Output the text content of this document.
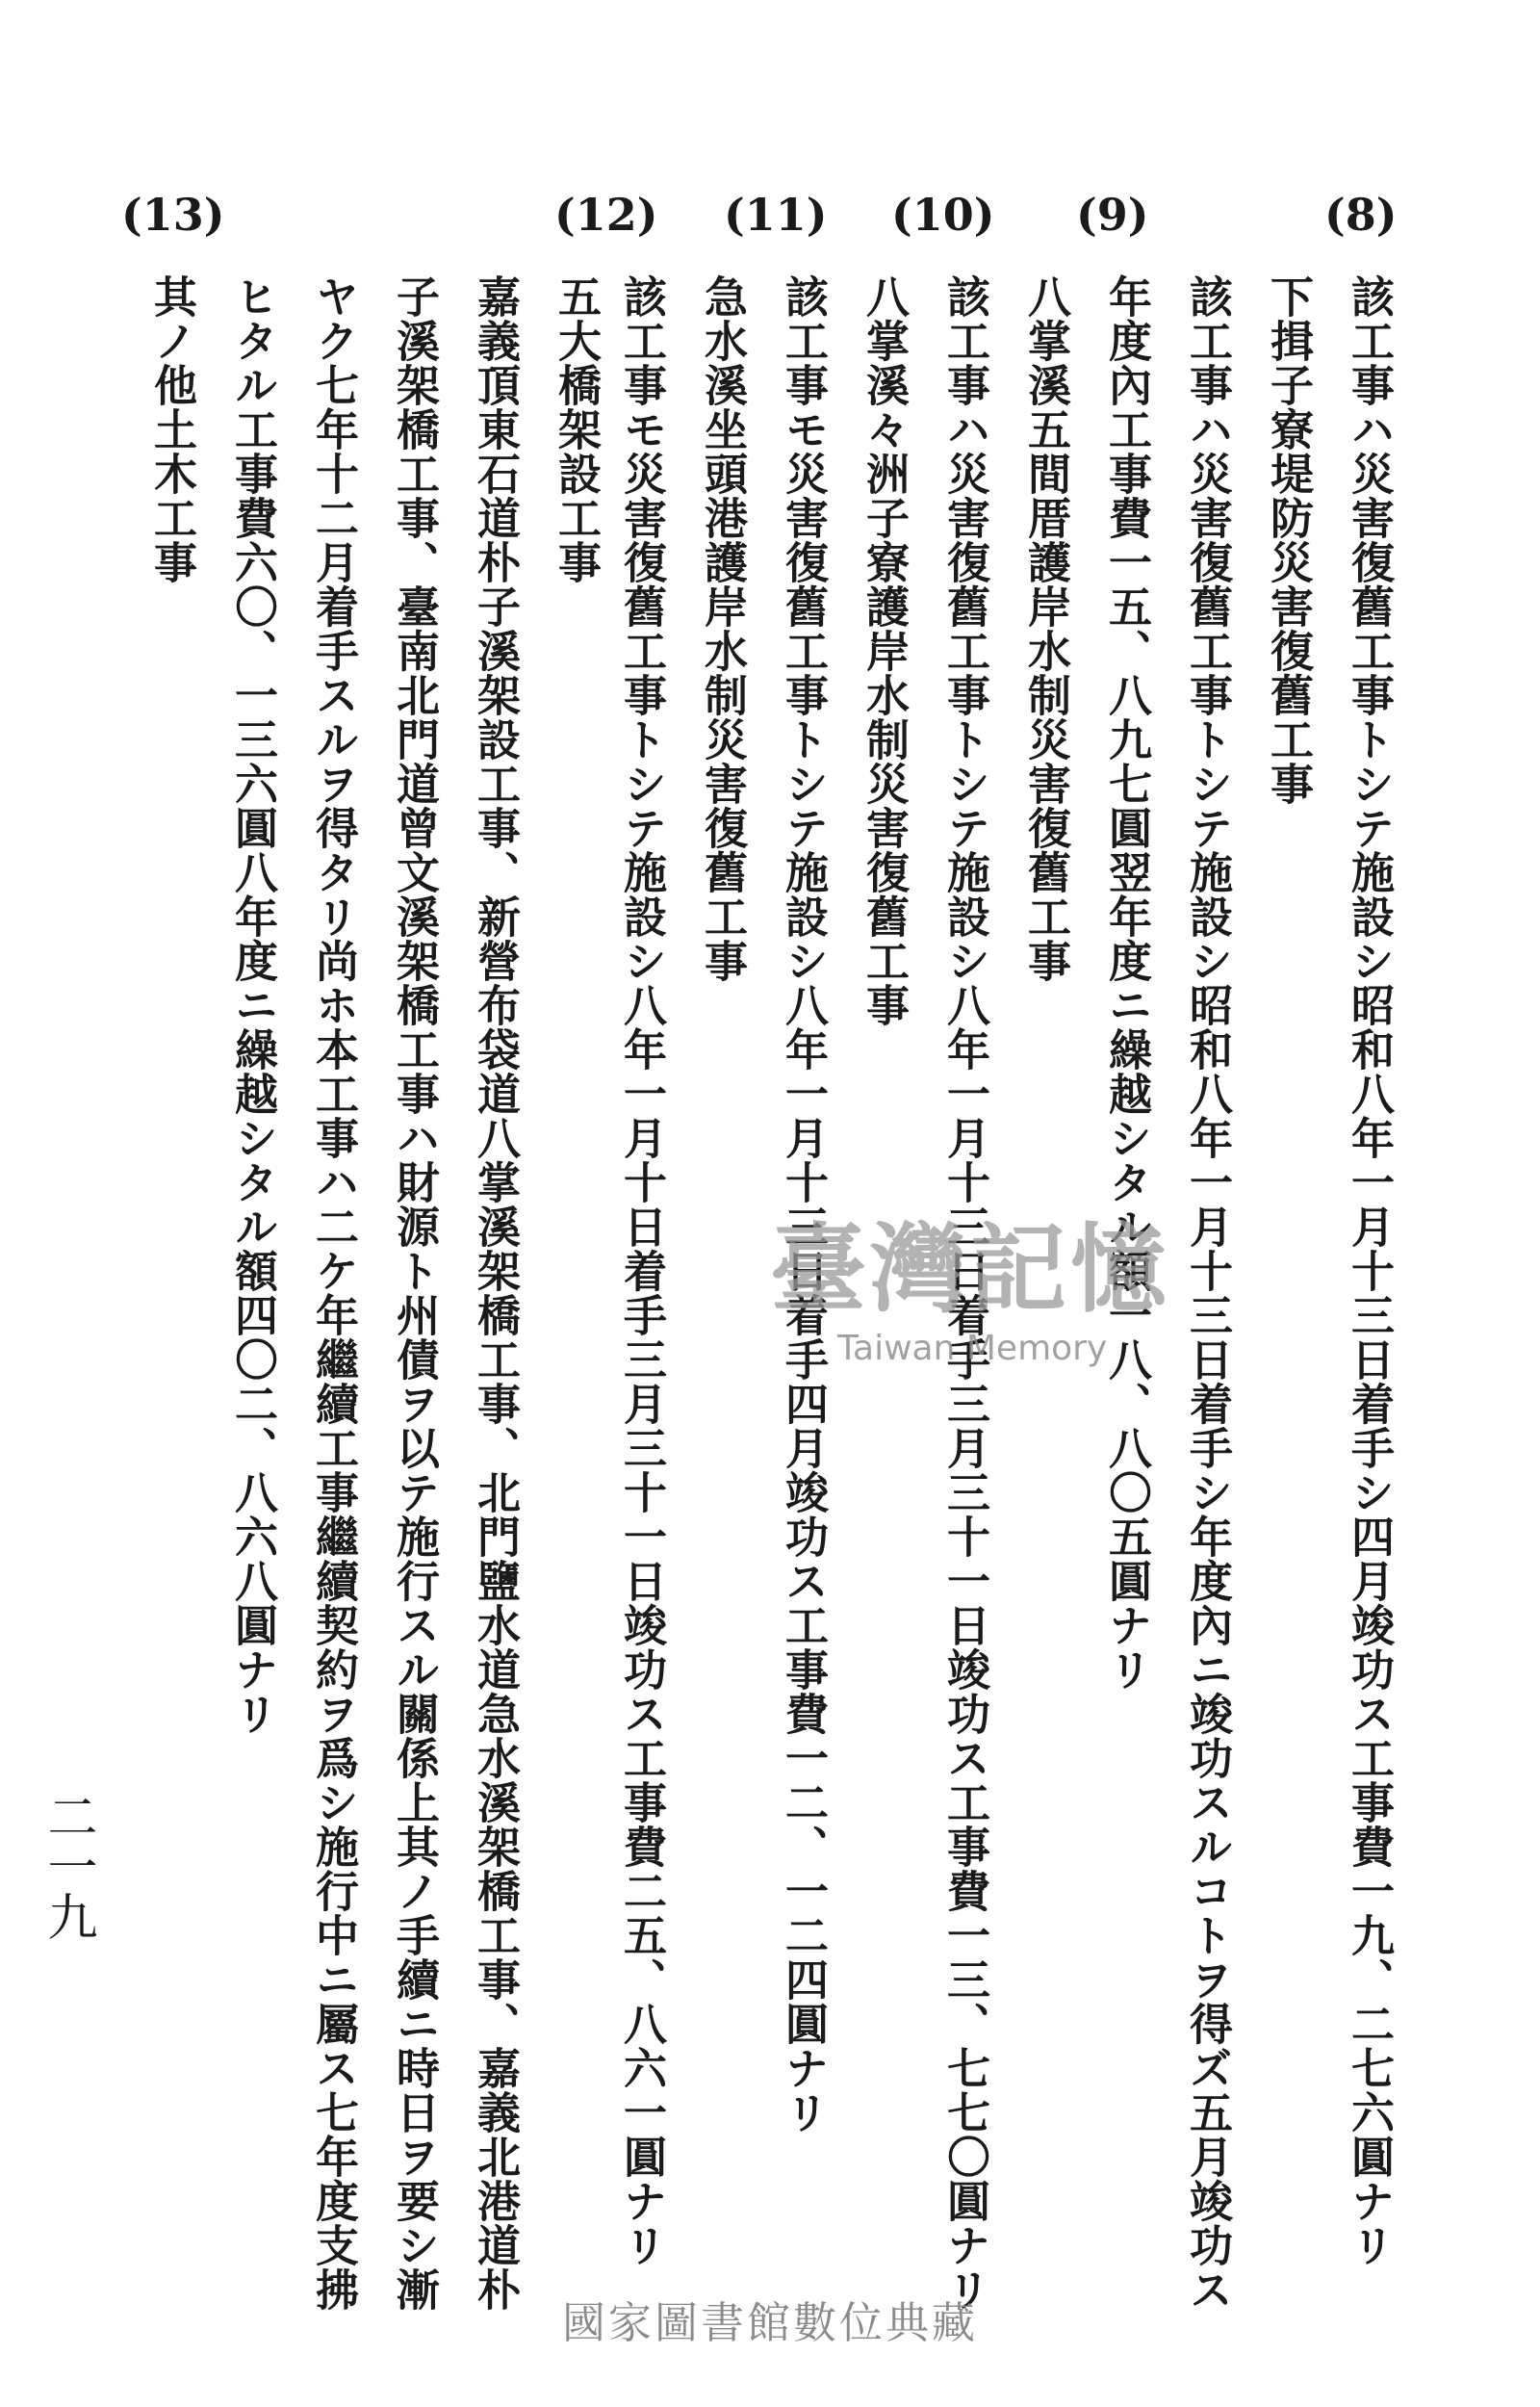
(8)
該工事ハ災害復舊工事トシテ施設シ昭和八年一月十三日着手シ四月竣功ス工事費一九、二七六圓ナリ
下揖子寮堤防災害復舊工事
該工事ハ災害復舊工事トシテ施設シ昭和八年一月十三日着手シ年度內ニ竣功スルコトヲ得ズ五月竣功ス
年度內工事費一五、八九七圓翌年度ニ繰越シタル額一八、八〇五圓ナリ
(9)
八掌溪五間厝護岸水制災害復舊工事
該工事ハ災害復舊工事トシテ施設シ八年一月十三日着手三月三十一日竣功ス工事費一三、七七〇圓ナリ
(10)
八掌溪々洲子寮護岸水制災害復舊工事
該工事モ災害復舊工事トシテ施設シ八年一月十三日着手四月竣功ス工事費一二、一二四圓ナリ
(11)
急水溪坐頭港護岸水制災害復舊工事
該工事モ災害復舊工事トシテ施設シ八年一月十日着手三月三十一日竣功ス工事費二五、八六一圓ナリ
(12)
五大橋架設工事
嘉義頂東石道朴子溪架設工事、新營布袋道八掌溪架橋工事、北門鹽水道急水溪架橋工事、嘉義北港道朴
子溪架橋工事、臺南北門道曾文溪架橋工事ハ財源ト州債ヲ以テ施行スル關係上其ノ手續ニ時日ヲ要シ漸
ヤク七年十二月着手スルヲ得タリ尚ホ本工事ハ二ケ年繼續工事繼續契約ヲ爲シ施行中ニ屬ス七年度支拂
ヒタル工事費六〇、一三六圓八年度ニ繰越シタル額四〇二、八六八圓ナリ
(13)
其ノ他土木工事
二一九
臺灣記憶
Taiwan Memory
國家圖書館數位典藏
